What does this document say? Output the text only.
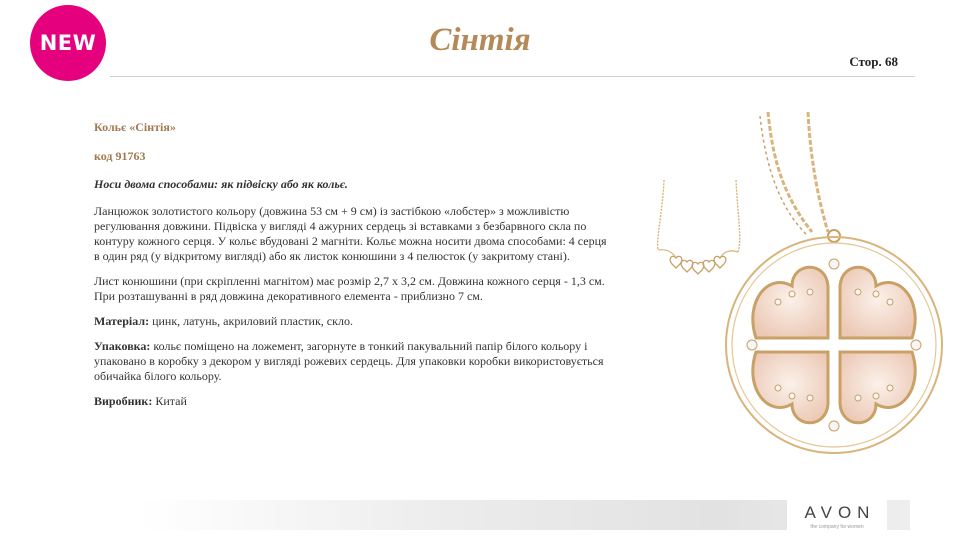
NEW	Сінтія
Стор. 68

Кольє «Сінтія»

код 91763

Носи двома способами: як підвіску або як кольє.

Ланцюжок золотистого кольору (довжина 53 см + 9 см) із застібкою «лобстер» з можливістю регулювання довжини. Підвіска у вигляді 4 ажурних сердець зі вставками з безбарвного скла по контуру кожного серця. У кольє вбудовані 2 магніти. Кольє можна носити двома способами: 4 серця в один ряд (у відкритому вигляді) або як листок конюшини з 4 пелюсток (у закритому стані).

Лист конюшини (при скріпленні магнітом) має розмір 2,7 х 3,2 см. Довжина кожного серця - 1,3 см. При розташуванні в ряд довжина декоративного елемента - приблизно 7 см.

Матеріал: цинк, латунь, акриловий пластик, скло.

Упаковка: кольє поміщено на ложемент, загорнуте в тонкий пакувальний папір білого кольору і упаковано в коробку з декором у вигляді рожевих сердець. Для упаковки коробки використовується обичайка білого кольору.

Виробник: Китай

AVON
the company for women
